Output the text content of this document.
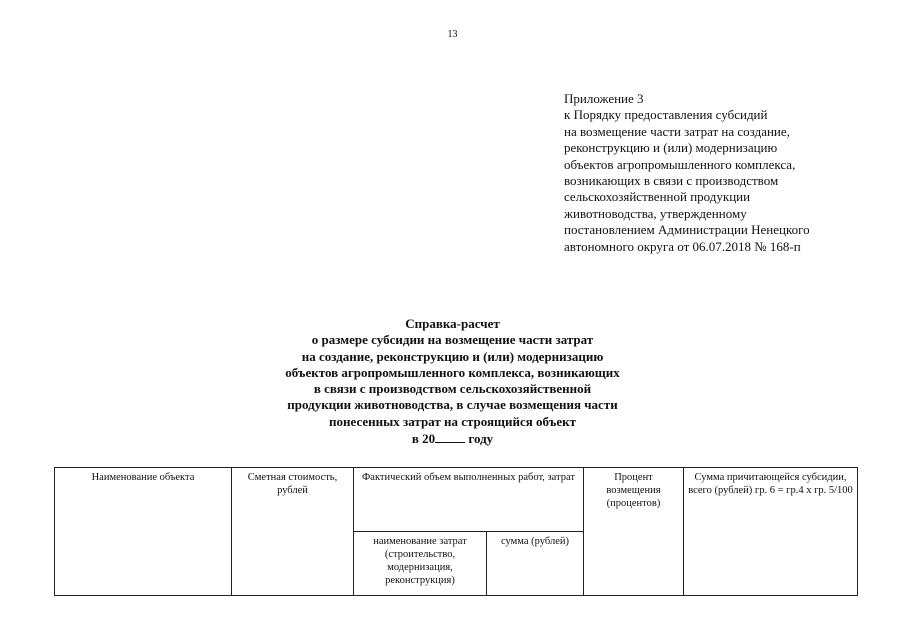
13
Приложение 3
к Порядку предоставления субсидий
на возмещение части затрат на создание,
реконструкцию и (или) модернизацию
объектов агропромышленного комплекса,
возникающих в связи с производством
сельскохозяйственной продукции
животноводства, утвержденному
постановлением Администрации Ненецкого
автономного округа от 06.07.2018 № 168-п
Справка-расчет
о размере субсидии на возмещение части затрат
на создание, реконструкцию и (или) модернизацию
объектов агропромышленного комплекса, возникающих
в связи с производством сельскохозяйственной
продукции животноводства, в случае возмещения части
понесенных затрат на строящийся объект
в 20 году
Наименование объекта	Сметная стоимость, рублей	Фактический объем выполненных работ, затрат		Процент возмещения (процентов)	Сумма причитающейся субсидии, всего (рублей) гр. 6 = гр.4 х гр. 5/100
		наименование затрат (строительство, модернизация, реконструкция)	сумма (рублей)		
